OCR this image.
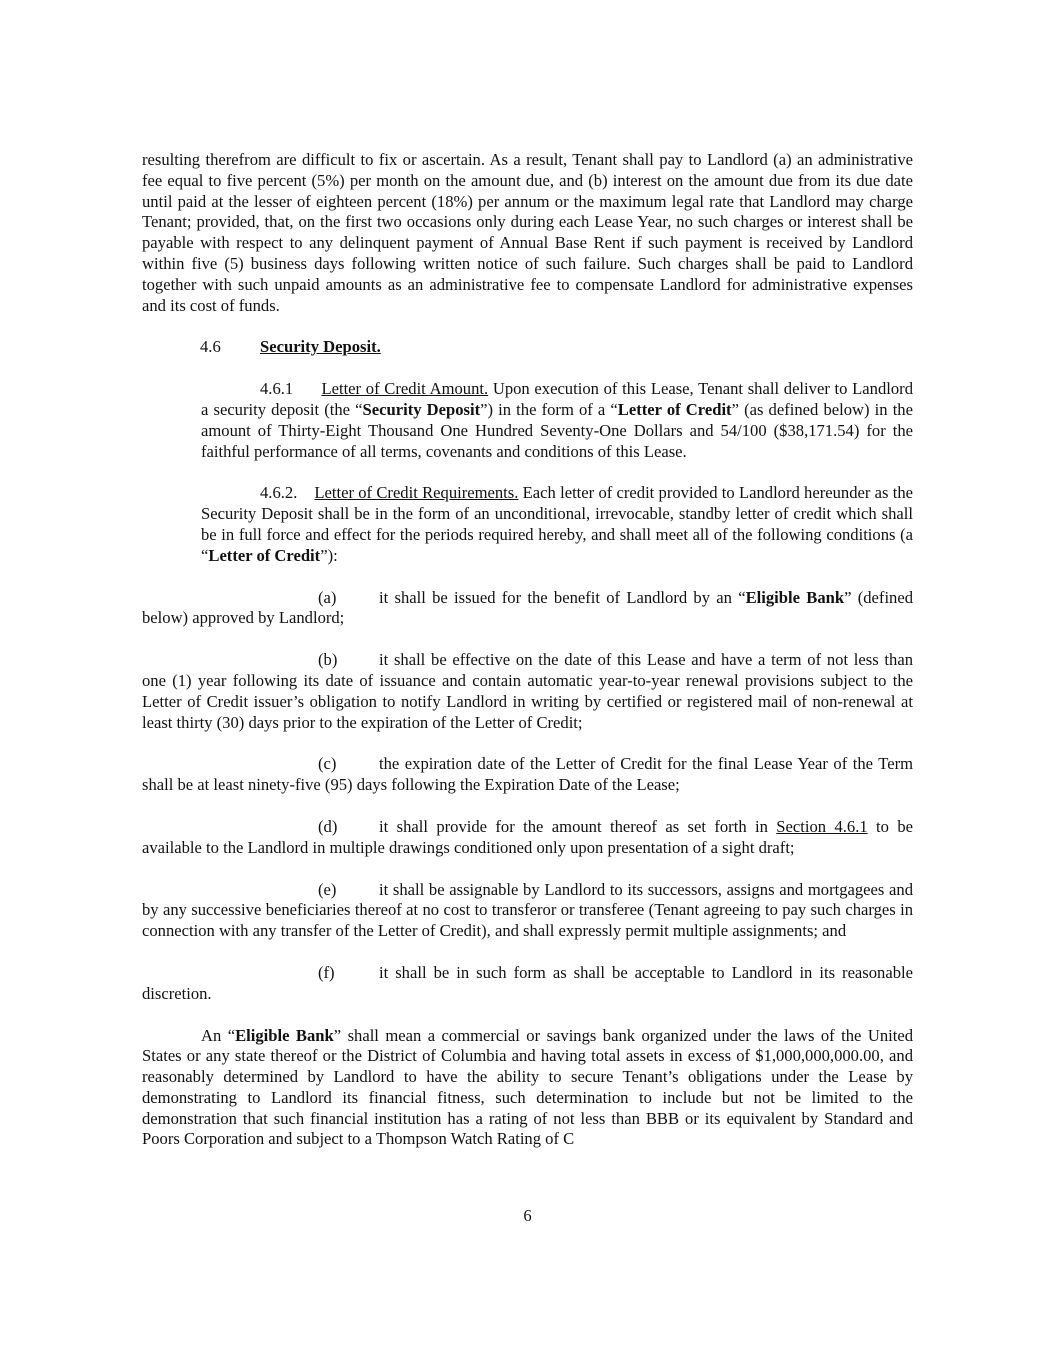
resulting therefrom are difficult to fix or ascertain. As a result, Tenant shall pay to Landlord (a) an administrative fee equal to five percent (5%) per month on the amount due, and (b) interest on the amount due from its due date until paid at the lesser of eighteen percent (18%) per annum or the maximum legal rate that Landlord may charge Tenant; provided, that, on the first two occasions only during each Lease Year, no such charges or interest shall be payable with respect to any delinquent payment of Annual Base Rent if such payment is received by Landlord within five (5) business days following written notice of such failure. Such charges shall be paid to Landlord together with such unpaid amounts as an administrative fee to compensate Landlord for administrative expenses and its cost of funds.

4.6 Security Deposit.

4.6.1 Letter of Credit Amount. Upon execution of this Lease, Tenant shall deliver to Landlord a security deposit (the “Security Deposit”) in the form of a “Letter of Credit” (as defined below) in the amount of Thirty-Eight Thousand One Hundred Seventy-One Dollars and 54/100 ($38,171.54) for the faithful performance of all terms, covenants and conditions of this Lease.

4.6.2. Letter of Credit Requirements. Each letter of credit provided to Landlord hereunder as the Security Deposit shall be in the form of an unconditional, irrevocable, standby letter of credit which shall be in full force and effect for the periods required hereby, and shall meet all of the following conditions (a “Letter of Credit”):

(a)	it shall be issued for the benefit of Landlord by an “Eligible Bank” (defined below) approved by Landlord;

(b)	it shall be effective on the date of this Lease and have a term of not less than one (1) year following its date of issuance and contain automatic year-to-year renewal provisions subject to the Letter of Credit issuer’s obligation to notify Landlord in writing by certified or registered mail of non-renewal at least thirty (30) days prior to the expiration of the Letter of Credit;

(c)	the expiration date of the Letter of Credit for the final Lease Year of the Term shall be at least ninety-five (95) days following the Expiration Date of the Lease;

(d)	it shall provide for the amount thereof as set forth in Section 4.6.1 to be available to the Landlord in multiple drawings conditioned only upon presentation of a sight draft;

(e)	it shall be assignable by Landlord to its successors, assigns and mortgagees and by any successive beneficiaries thereof at no cost to transferor or transferee (Tenant agreeing to pay such charges in connection with any transfer of the Letter of Credit), and shall expressly permit multiple assignments; and

(f)	it shall be in such form as shall be acceptable to Landlord in its reasonable discretion.

An “Eligible Bank” shall mean a commercial or savings bank organized under the laws of the United States or any state thereof or the District of Columbia and having total assets in excess of $1,000,000,000.00, and reasonably determined by Landlord to have the ability to secure Tenant’s obligations under the Lease by demonstrating to Landlord its financial fitness, such determination to include but not be limited to the demonstration that such financial institution has a rating of not less than BBB or its equivalent by Standard and Poors Corporation and subject to a Thompson Watch Rating of C

6
